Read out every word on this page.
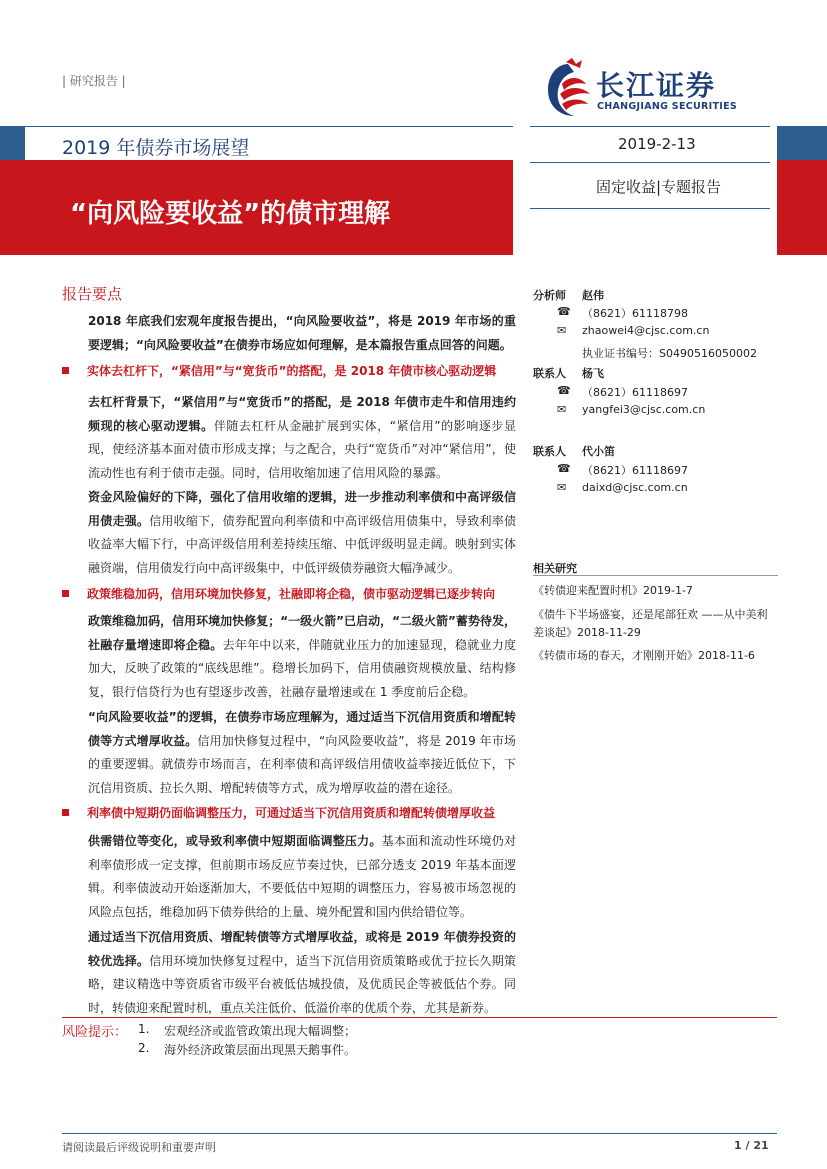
| 研究报告 |	长江证券
CHANGJIANG SECURITIES
2019 年债券市场展望
“向风险要收益”的债市理解
2019-2-13
固定收益|专题报告
报告要点
2018 年底我们宏观年度报告提出，“向风险要收益”，将是 2019 年市场的重要逻辑；“向风险要收益”在债券市场应如何理解，是本篇报告重点回答的问题。
实体去杠杆下，“紧信用”与“宽货币”的搭配，是 2018 年债市核心驱动逻辑
去杠杆背景下，“紧信用”与“宽货币”的搭配，是 2018 年债市走牛和信用违约频现的核心驱动逻辑。伴随去杠杆从金融扩展到实体，“紧信用”的影响逐步显现，使经济基本面对债市形成支撑；与之配合，央行“宽货币”对冲“紧信用”，使流动性也有利于债市走强。同时，信用收缩加速了信用风险的暴露。
资金风险偏好的下降，强化了信用收缩的逻辑，进一步推动利率债和中高评级信用债走强。信用收缩下，债券配置向利率债和中高评级信用债集中，导致利率债收益率大幅下行，中高评级信用利差持续压缩、中低评级明显走阔。映射到实体融资端，信用债发行向中高评级集中，中低评级债券融资大幅净减少。
政策维稳加码，信用环境加快修复，社融即将企稳，债市驱动逻辑已逐步转向
政策维稳加码，信用环境加快修复；“一级火箭”已启动，“二级火箭”蓄势待发，社融存量增速即将企稳。去年年中以来，伴随就业压力的加速显现，稳就业力度加大，反映了政策的“底线思维”。稳增长加码下，信用债融资规模放量、结构修复，银行信贷行为也有望逐步改善，社融存量增速或在 1 季度前后企稳。
“向风险要收益”的逻辑，在债券市场应理解为，通过适当下沉信用资质和增配转债等方式增厚收益。信用加快修复过程中，“向风险要收益”，将是 2019 年市场的重要逻辑。就债券市场而言，在利率债和高评级信用债收益率接近低位下，下沉信用资质、拉长久期、增配转债等方式，成为增厚收益的潜在途径。
利率债中短期仍面临调整压力，可通过适当下沉信用资质和增配转债增厚收益
供需错位等变化，或导致利率债中短期面临调整压力。基本面和流动性环境仍对利率债形成一定支撑，但前期市场反应节奏过快，已部分透支 2019 年基本面逻辑。利率债波动开始逐渐加大，不要低估中短期的调整压力，容易被市场忽视的风险点包括，维稳加码下债券供给的上量、境外配置和国内供给错位等。
通过适当下沉信用资质、增配转债等方式增厚收益，或将是 2019 年债券投资的较优选择。信用环境加快修复过程中，适当下沉信用资质策略或优于拉长久期策略，建议精选中等资质省市级平台被低估城投债，及优质民企等被低估个券。同时，转债迎来配置时机，重点关注低价、低溢价率的优质个券，尤其是新券。
分析师 赵伟
☎ （8621）61118798
✉ zhaowei4@cjsc.com.cn
执业证书编号：S0490516050002
联系人 杨飞
☎ （8621）61118697
✉ yangfei3@cjsc.com.cn
联系人 代小笛
☎ （8621）61118697
✉ daixd@cjsc.com.cn
相关研究
《转债迎来配置时机》2019-1-7
《债牛下半场盛宴，还是尾部狂欢 ——从中美利差谈起》2018-11-29
《转债市场的春天，才刚刚开始》2018-11-6
风险提示： 1. 宏观经济或监管政策出现大幅调整；
2. 海外经济政策层面出现黑天鹅事件。
请阅读最后评级说明和重要声明	1 / 21
